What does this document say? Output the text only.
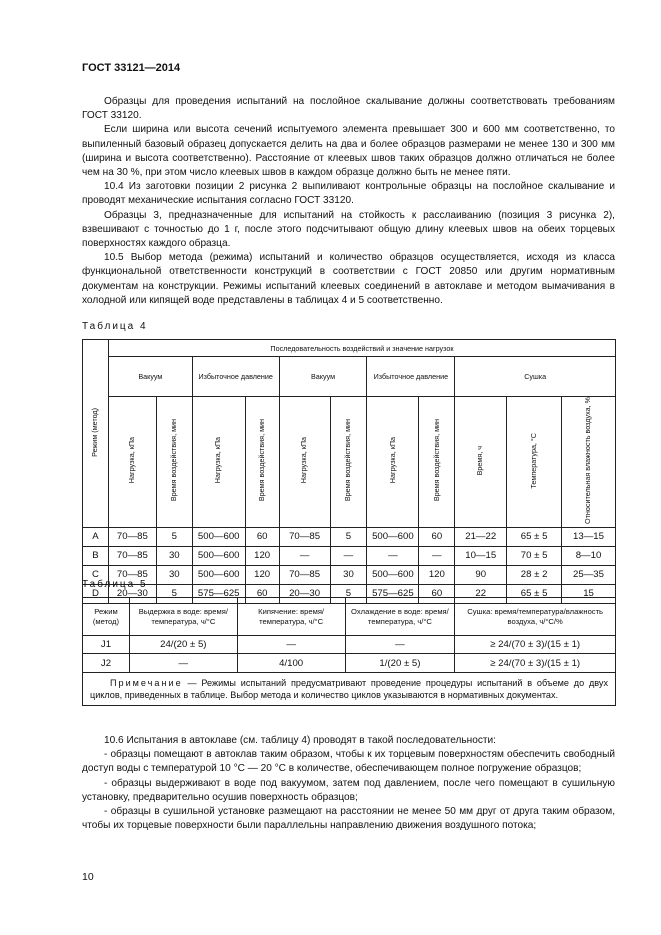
ГОСТ 33121—2014
Образцы для проведения испытаний на послойное скалывание должны соответствовать требованиям ГОСТ 33120.
Если ширина или высота сечений испытуемого элемента превышает 300 и 600 мм соответственно, то выпиленный базовый образец допускается делить на два и более образцов размерами не менее 130 и 300 мм (ширина и высота соответственно). Расстояние от клеевых швов таких образцов должно отличаться не более чем на 30 %, при этом число клеевых швов в каждом образце должно быть не менее пяти.
10.4 Из заготовки позиции 2 рисунка 2 выпиливают контрольные образцы на послойное скалывание и проводят механические испытания согласно ГОСТ 33120.
Образцы 3, предназначенные для испытаний на стойкость к расслаиванию (позиция 3 рисунка 2), взвешивают с точностью до 1 г, после этого подсчитывают общую длину клеевых швов на обеих торцевых поверхностях каждого образца.
10.5 Выбор метода (режима) испытаний и количество образцов осуществляется, исходя из класса функциональной ответственности конструкций в соответствии с ГОСТ 20850 или другим нормативным документам на конструкции. Режимы испытаний клеевых соединений в автоклаве и методом вымачивания в холодной или кипящей воде представлены в таблицах 4 и 5 соответственно.
Таблица 4
Режим (метод)	Последовательность воздействий и значение нагрузок										
	Вакуум		Избыточное давление		Вакуум		Избыточное давление		Сушка		
	Нагрузка, кПа	Время воздействия, мин	Нагрузка, кПа	Время воздействия, мин	Нагрузка, кПа	Время воздействия, мин	Нагрузка, кПа	Время воздействия, мин	Время, ч	Температура, °С	Относительная влажность воздуха, %
A	70—85	5	500—600	60	70—85	5	500—600	60	21—22	65 ± 5	13—15
B	70—85	30	500—600	120	—	—	—	—	10—15	70 ± 5	8—10
C	70—85	30	500—600	120	70—85	30	500—600	120	90	28 ± 2	25—35
D	20—30	5	575—625	60	20—30	5	575—625	60	22	65 ± 5	15
Таблица 5
Режим (метод)	Выдержка в воде: время/температура, ч/°С	Кипячение: время/температура, ч/°С	Охлаждение в воде: время/температура, ч/°С	Сушка: время/температура/влажность воздуха, ч/°С/%
J1	24/(20 ± 5)	—	—	≥ 24/(70 ± 3)/(15 ± 1)
J2	—	4/100	1/(20 ± 5)	≥ 24/(70 ± 3)/(15 ± 1)
Примечание — Режимы испытаний предусматривают проведение процедуры испытаний в объеме до двух циклов, приведенных в таблице. Выбор метода и количество циклов указываются в нормативных документах.				
10.6 Испытания в автоклаве (см. таблицу 4) проводят в такой последовательности:
- образцы помещают в автоклав таким образом, чтобы к их торцевым поверхностям обеспечить свободный доступ воды с температурой 10 °С — 20 °С в количестве, обеспечивающем полное погружение образцов;
- образцы выдерживают в воде под вакуумом, затем под давлением, после чего помещают в сушильную установку, предварительно осушив поверхность образцов;
- образцы в сушильной установке размещают на расстоянии не менее 50 мм друг от друга таким образом, чтобы их торцевые поверхности были параллельны направлению движения воздушного потока;
10
